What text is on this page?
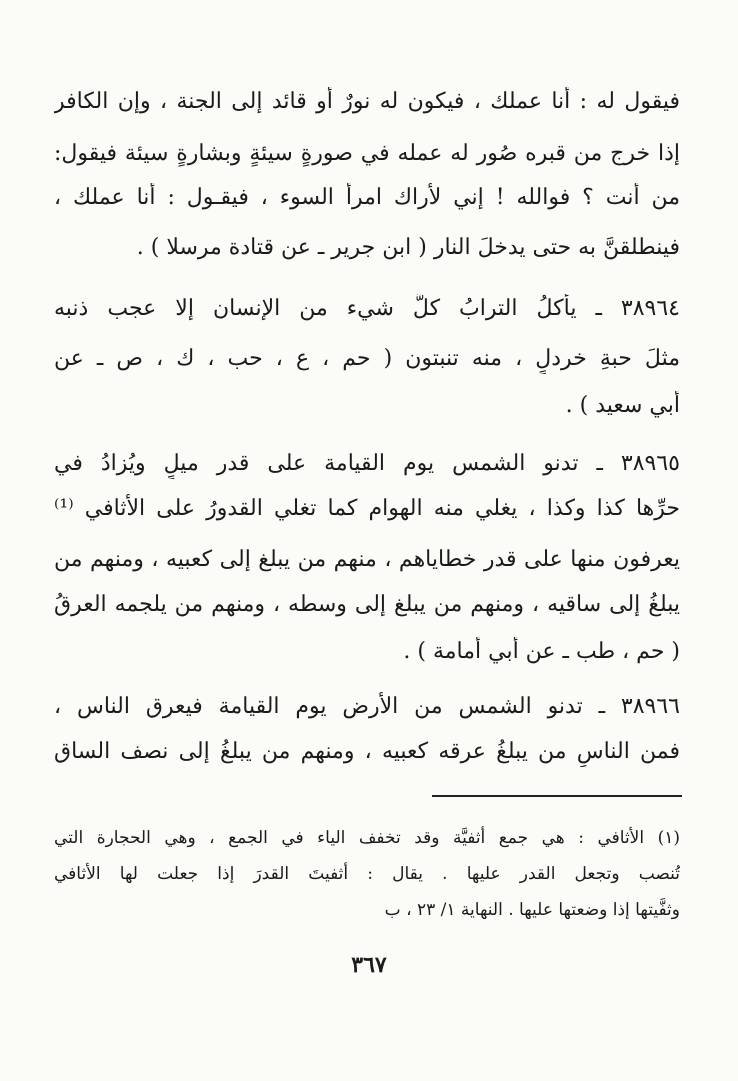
فيقول له : أنا عملك ، فيكون له نورٌ أو قائد إلى الجنة ، وإن الكافر
إذا خرج من قبره صُور له عمله في صورةٍ سيئةٍ وبشارةٍ سيئة فيقول:
من أنت ؟ فوالله ! إني لأراك امرأَ السوء ، فيقـول : أنا عملك ،
فينطلقنَّ به حتى يدخلَ النار ( ابن جرير ـ عن قتادة مرسلا ) .
٣٨٩٦٤ ـ يأكلُ الترابُ كلَّ شيء من الإنسان إلا عجب ذنبه
مثلَ حبةِ خردلٍ ، منه تنبتون ( حم ، ع ، حب ، ك ، ص ـ عن
أبي سعيد ) .
٣٨٩٦٥ ـ تدنو الشمس يوم القيامة على قدر ميلٍ ويُزادُ في
حرِّها كذا وكذا ، يغلي منه الهوام كما تغلي القدورُ على الأثافي ⁽¹⁾
يعرفون منها على قدر خطاياهم ، منهم من يبلغ إلى كعبيه ، ومنهم من
يبلغُ إلى ساقيه ، ومنهم من يبلغ إلى وسطه ، ومنهم من يلجمه العرقُ
( حم ، طب ـ عن أبي أمامة ) .
٣٨٩٦٦ ـ تدنو الشمس من الأرض يوم القيامة فيعرق الناس ،
فمن الناسِ من يبلغُ عرقه كعبيه ، ومنهم من يبلغُ إلى نصف الساق
(١) الأثافي : هي جمع أثفيَّة وقد تخفف الياء في الجمع ، وهي الحجارة التي
تُنصب وتجعل القدر عليها . يقال : أثفيتَ القدرَ إذا جعلت لها الأثافي
وثفَّيتها إذا وضعتها عليها . النهاية ١/ ٢٣ ، ب
٣٦٧
